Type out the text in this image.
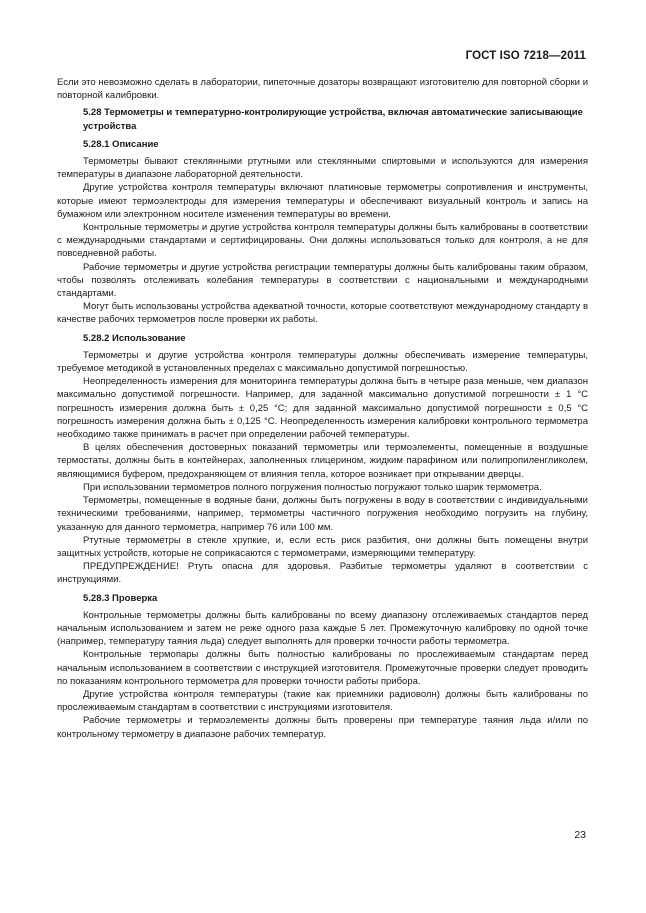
ГОСТ ISO 7218—2011

Если это невозможно сделать в лаборатории, пипеточные дозаторы возвращают изготовителю для повторной сборки и повторной калибровки.

5.28 Термометры и температурно-контролирующие устройства, включая автоматические записывающие устройства

5.28.1 Описание

Термометры бывают стеклянными ртутными или стеклянными спиртовыми и используются для измерения температуры в диапазоне лабораторной деятельности.

Другие устройства контроля температуры включают платиновые термометры сопротивления и инструменты, которые имеют термоэлектроды для измерения температуры и обеспечивают визуальный контроль и запись на бумажном или электронном носителе изменения температуры во времени.

Контрольные термометры и другие устройства контроля температуры должны быть калиброваны в соответствии с международными стандартами и сертифицированы. Они должны использоваться только для контроля, а не для повседневной работы.

Рабочие термометры и другие устройства регистрации температуры должны быть калиброваны таким образом, чтобы позволять отслеживать колебания температуры в соответствии с национальными и международными стандартами.

Могут быть использованы устройства адекватной точности, которые соответствуют международному стандарту в качестве рабочих термометров после проверки их работы.

5.28.2 Использование

Термометры и другие устройства контроля температуры должны обеспечивать измерение температуры, требуемое методикой в установленных пределах с максимально допустимой погрешностью.

Неопределенность измерения для мониторинга температуры должна быть в четыре раза меньше, чем диапазон максимально допустимой погрешности. Например, для заданной максимально допустимой погрешности ± 1 °C погрешность измерения должна быть ± 0,25 °C; для заданной максимально допустимой погрешности ± 0,5 °C погрешность измерения должна быть ± 0,125 °C. Неопределенность измерения калибровки контрольного термометра необходимо также принимать в расчет при определении рабочей температуры.

В целях обеспечения достоверных показаний термометры или термоэлементы, помещенные в воздушные термостаты, должны быть в контейнерах, заполненных глицерином, жидким парафином или полипропиленгликолем, являющимися буфером, предохраняющем от влияния тепла, которое возникает при открывании дверцы.

При использовании термометров полного погружения полностью погружают только шарик термометра.

Термометры, помещенные в водяные бани, должны быть погружены в воду в соответствии с индивидуальными техническими требованиями, например, термометры частичного погружения необходимо погрузить на глубину, указанную для данного термометра, например 76 или 100 мм.

Ртутные термометры в стекле хрупкие, и, если есть риск разбития, они должны быть помещены внутри защитных устройств, которые не соприкасаются с термометрами, измеряющими температуру.

ПРЕДУПРЕЖДЕНИЕ! Ртуть опасна для здоровья. Разбитые термометры удаляют в соответствии с инструкциями.

5.28.3 Проверка

Контрольные термометры должны быть калиброваны по всему диапазону отслеживаемых стандартов перед начальным использованием и затем не реже одного раза каждые 5 лет. Промежуточную калибровку по одной точке (например, температуру таяния льда) следует выполнять для проверки точности работы термометра.

Контрольные термопары должны быть полностью калиброваны по прослеживаемым стандартам перед начальным использованием в соответствии с инструкцией изготовителя. Промежуточные проверки следует проводить по показаниям контрольного термометра для проверки точности работы прибора.

Другие устройства контроля температуры (такие как приемники радиоволн) должны быть калиброваны по прослеживаемым стандартам в соответствии с инструкциями изготовителя.

Рабочие термометры и термоэлементы должны быть проверены при температуре таяния льда и/или по контрольному термометру в диапазоне рабочих температур.

23
